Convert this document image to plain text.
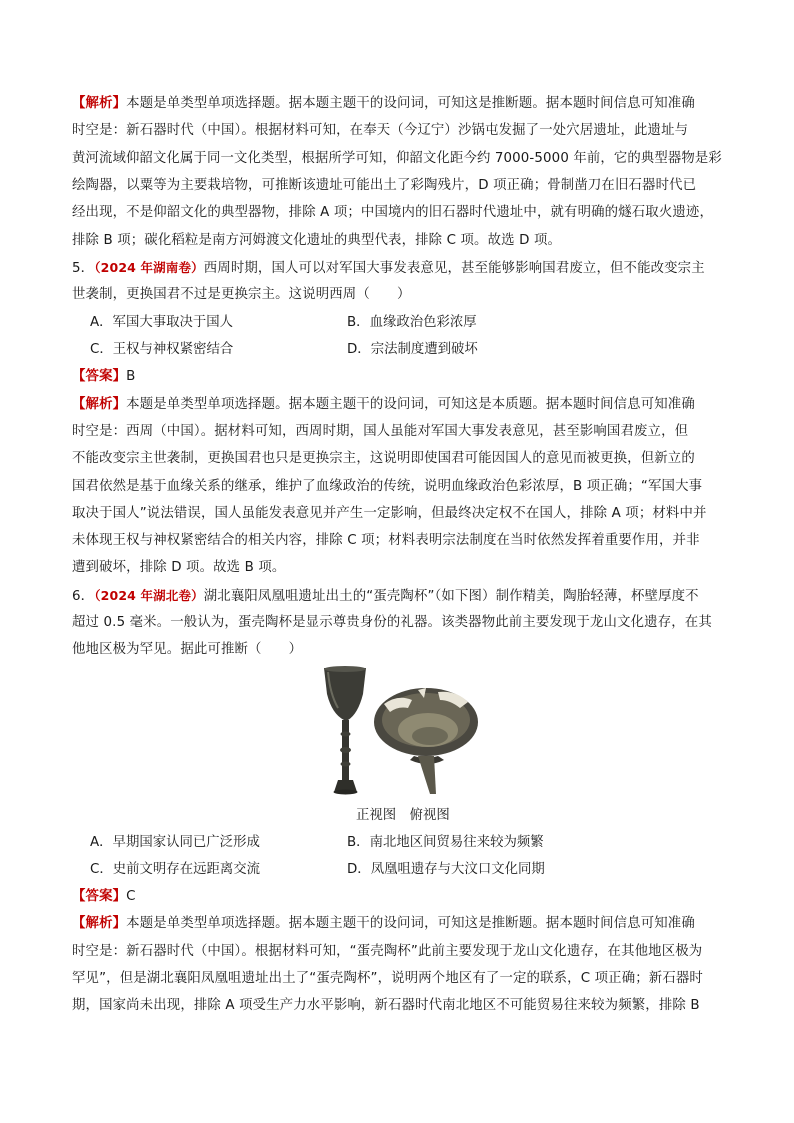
【解析】本题是单类型单项选择题。据本题主题干的设问词，可知这是推断题。据本题时间信息可知准确
时空是：新石器时代（中国）。根据材料可知，在奉天（今辽宁）沙锅屯发掘了一处穴居遗址，此遗址与
黄河流域仰韶文化属于同一文化类型，根据所学可知，仰韶文化距今约 7000-5000 年前，它的典型器物是彩
绘陶器，以粟等为主要栽培物，可推断该遗址可能出土了彩陶残片，D 项正确；骨制凿刀在旧石器时代已
经出现，不是仰韶文化的典型器物，排除 A 项；中国境内的旧石器时代遗址中，就有明确的燧石取火遗迹，
排除 B 项；碳化稻粒是南方河姆渡文化遗址的典型代表，排除 C 项。故选 D 项。
5．（2024 年湖南卷）西周时期，国人可以对军国大事发表意见，甚至能够影响国君废立，但不能改变宗主
世袭制，更换国君不过是更换宗主。这说明西周（　　）
A．军国大事取决于国人	B．血缘政治色彩浓厚
C．王权与神权紧密结合	D．宗法制度遭到破坏
【答案】B
【解析】本题是单类型单项选择题。据本题主题干的设问词，可知这是本质题。据本题时间信息可知准确
时空是：西周（中国）。据材料可知，西周时期，国人虽能对军国大事发表意见，甚至影响国君废立，但
不能改变宗主世袭制，更换国君也只是更换宗主，这说明即使国君可能因国人的意见而被更换，但新立的
国君依然是基于血缘关系的继承，维护了血缘政治的传统，说明血缘政治色彩浓厚，B 项正确；“军国大事
取决于国人”说法错误，国人虽能发表意见并产生一定影响，但最终决定权不在国人，排除 A 项；材料中并
未体现王权与神权紧密结合的相关内容，排除 C 项；材料表明宗法制度在当时依然发挥着重要作用，并非
遭到破坏，排除 D 项。故选 B 项。
6．（2024 年湖北卷）湖北襄阳凤凰咀遗址出土的“蛋壳陶杯”（如下图）制作精美，陶胎轻薄，杯壁厚度不
超过 0.5 毫米。一般认为，蛋壳陶杯是显示尊贵身份的礼器。该类器物此前主要发现于龙山文化遗存，在其
他地区极为罕见。据此可推断（　　）
正视图　俯视图
A．早期国家认同已广泛形成	B．南北地区间贸易往来较为频繁
C．史前文明存在远距离交流	D．凤凰咀遗存与大汶口文化同期
【答案】C
【解析】本题是单类型单项选择题。据本题主题干的设问词，可知这是推断题。据本题时间信息可知准确
时空是：新石器时代（中国）。根据材料可知，“蛋壳陶杯”此前主要发现于龙山文化遗存，在其他地区极为
罕见”，但是湖北襄阳凤凰咀遗址出土了“蛋壳陶杯”，说明两个地区有了一定的联系，C 项正确；新石器时
期，国家尚未出现，排除 A 项受生产力水平影响，新石器时代南北地区不可能贸易往来较为频繁，排除 B
